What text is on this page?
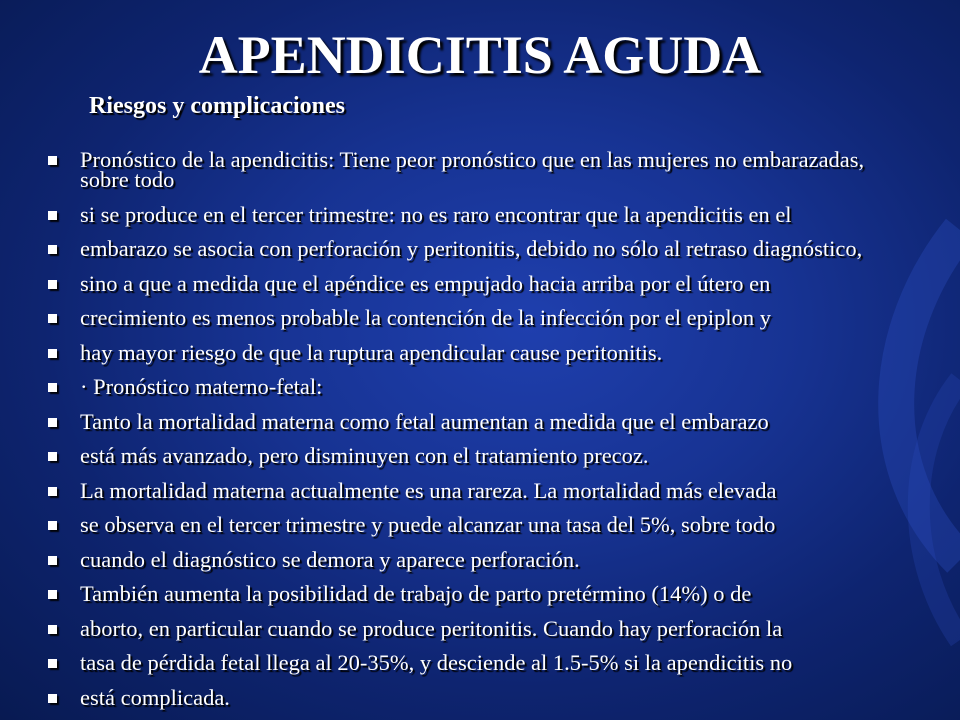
APENDICITIS AGUDA
Riesgos y complicaciones
Pronóstico de la apendicitis: Tiene peor pronóstico que en las mujeres no embarazadas, sobre todo
si se produce en el tercer trimestre: no es raro encontrar que la apendicitis en el
embarazo se asocia con perforación y peritonitis, debido no sólo al retraso diagnóstico,
sino a que a medida que el apéndice es empujado hacia arriba por el útero en
crecimiento es menos probable la contención de la infección por el epiplon y
hay mayor riesgo de que la ruptura apendicular cause peritonitis.
· Pronóstico materno-fetal:
Tanto la mortalidad materna como fetal aumentan a medida que el embarazo
está más avanzado, pero disminuyen con el tratamiento precoz.
La mortalidad materna actualmente es una rareza. La mortalidad más elevada
se observa en el tercer trimestre y puede alcanzar una tasa del 5%, sobre todo
cuando el diagnóstico se demora y aparece perforación.
También aumenta la posibilidad de trabajo de parto pretérmino (14%) o de
aborto, en particular cuando se produce peritonitis. Cuando hay perforación la
tasa de pérdida fetal llega al 20-35%, y desciende al 1.5-5% si la apendicitis no
está complicada.
